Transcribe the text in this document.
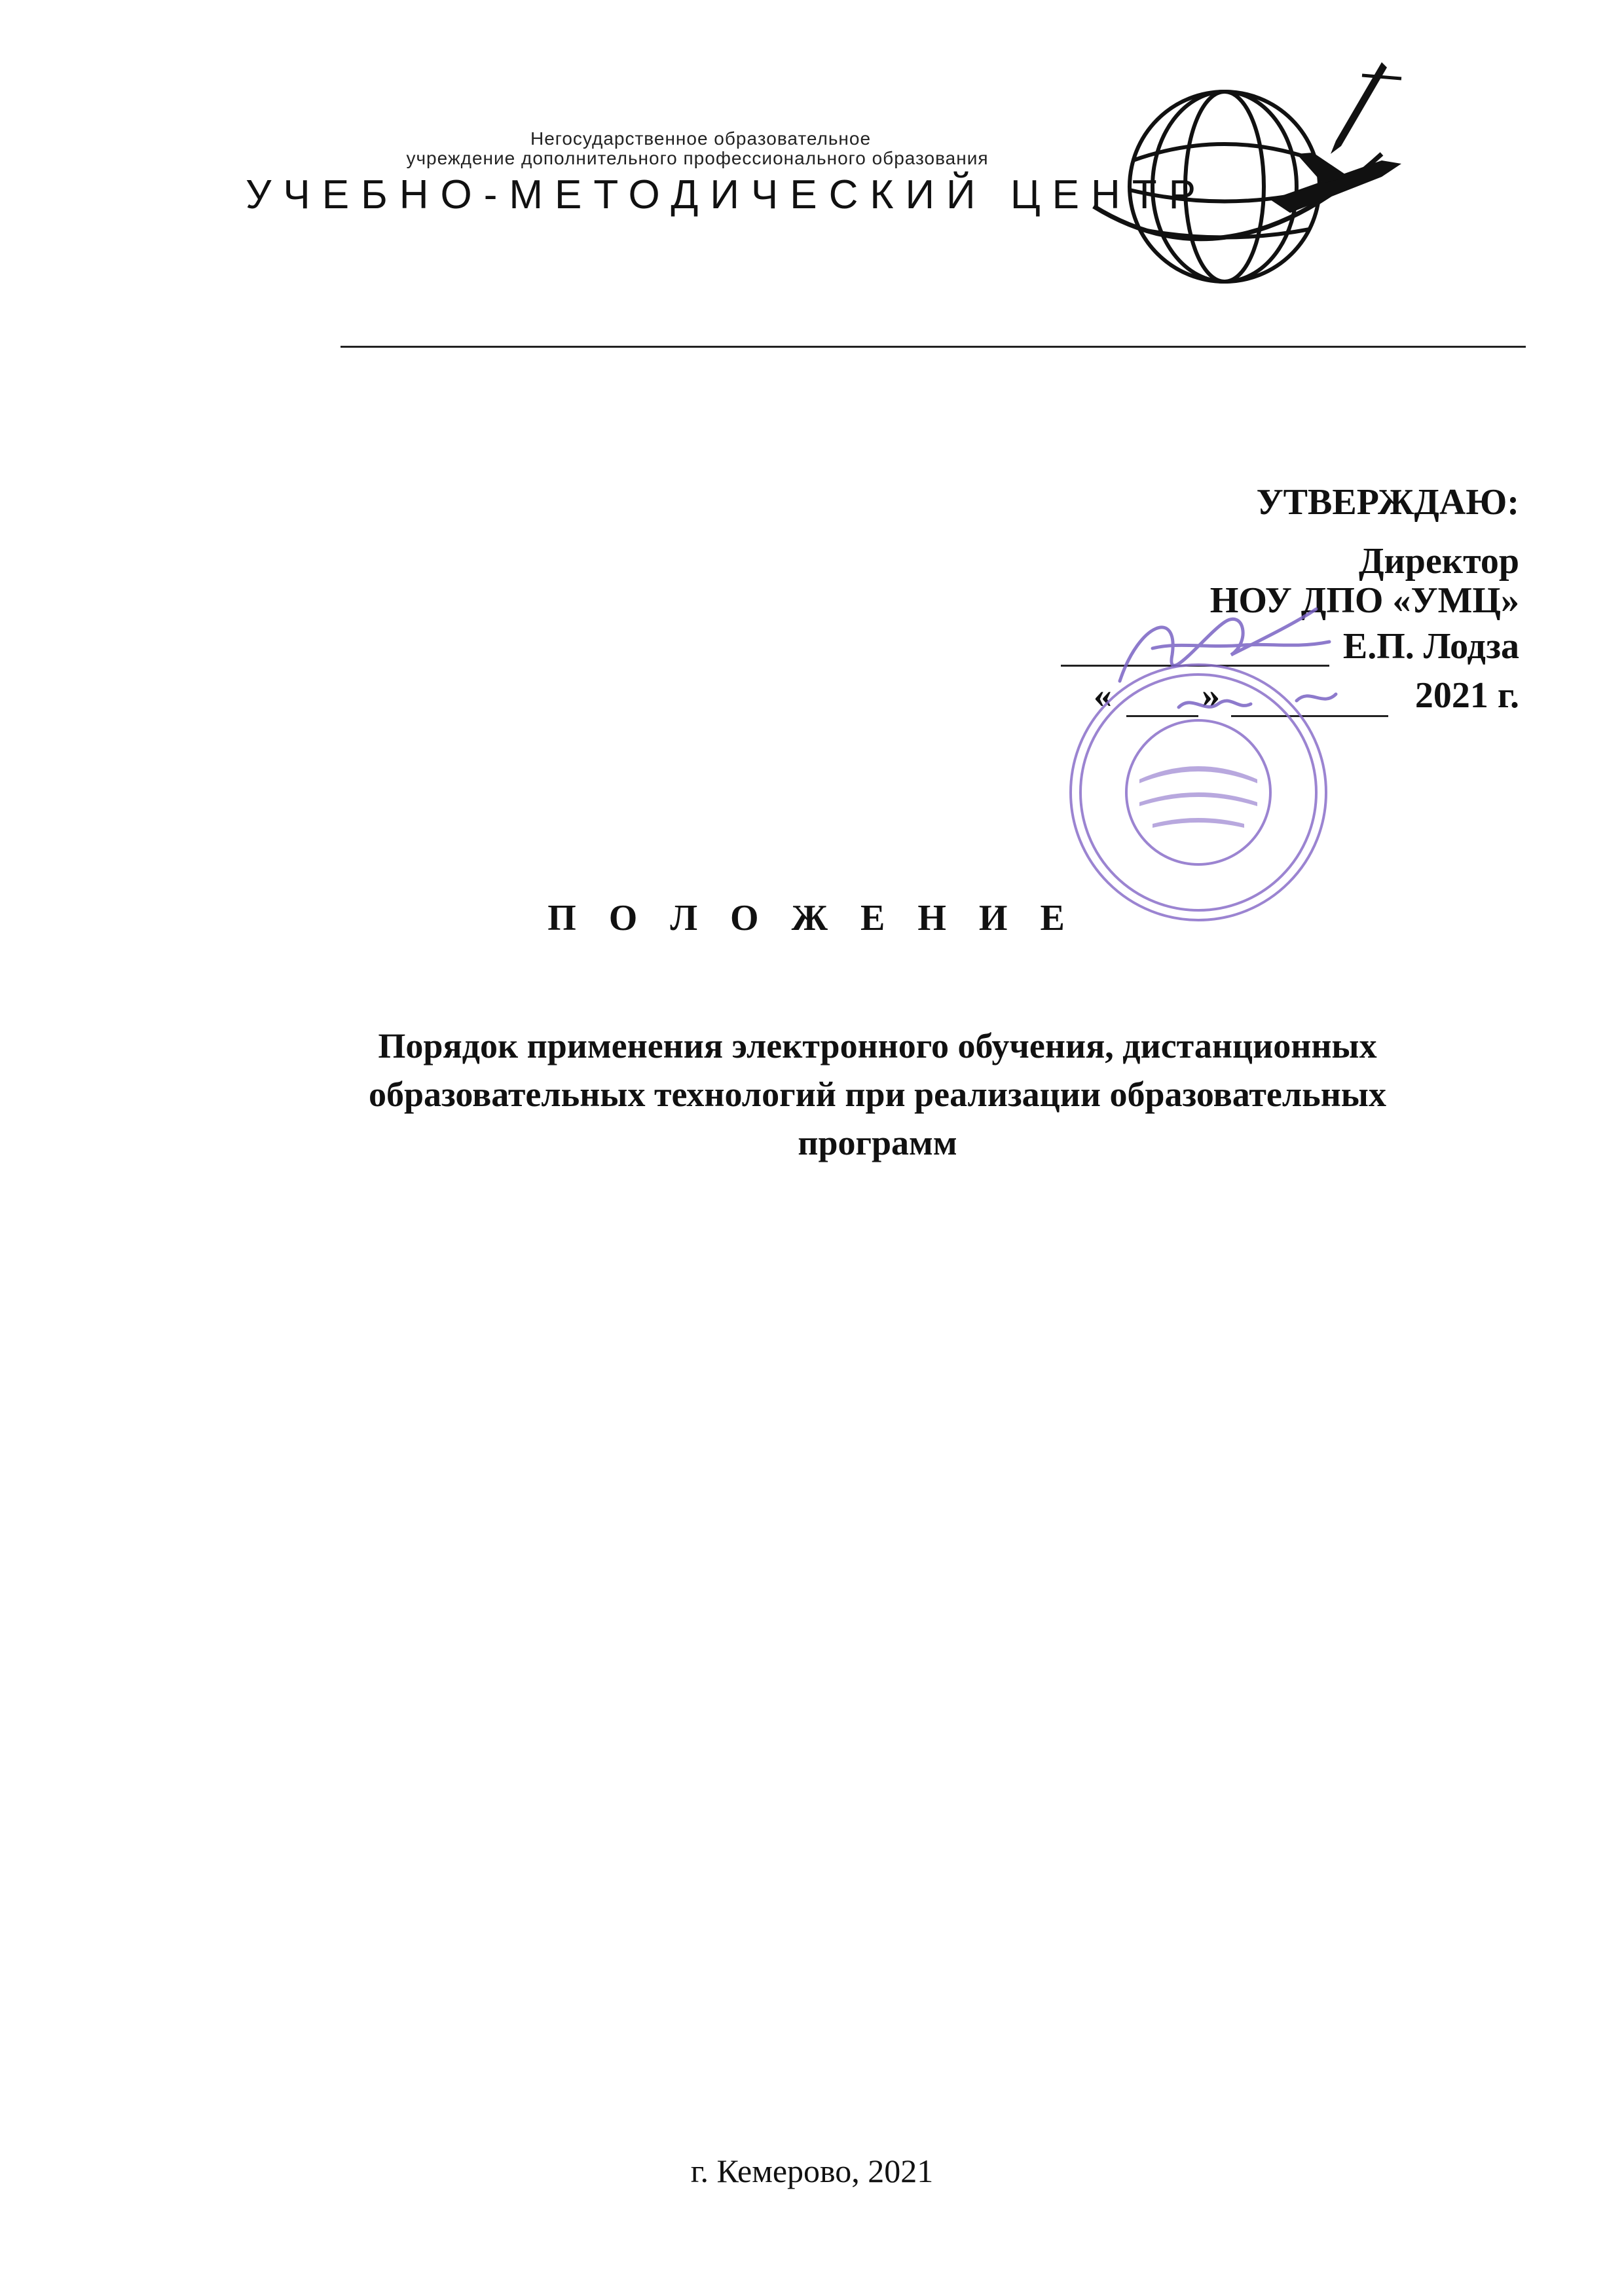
Негосударственное образовательное
учреждение дополнительного профессионального образования
УЧЕБНО-МЕТОДИЧЕСКИЙ ЦЕНТР
УТВЕРЖДАЮ:
Директор
НОУ ДПО «УМЦ»
Е.П. Лодза
« »	2021 г.
П О Л О Ж Е Н И Е
Порядок применения электронного обучения, дистанционных
образовательных технологий при реализации образовательных
программ
г. Кемерово, 2021
